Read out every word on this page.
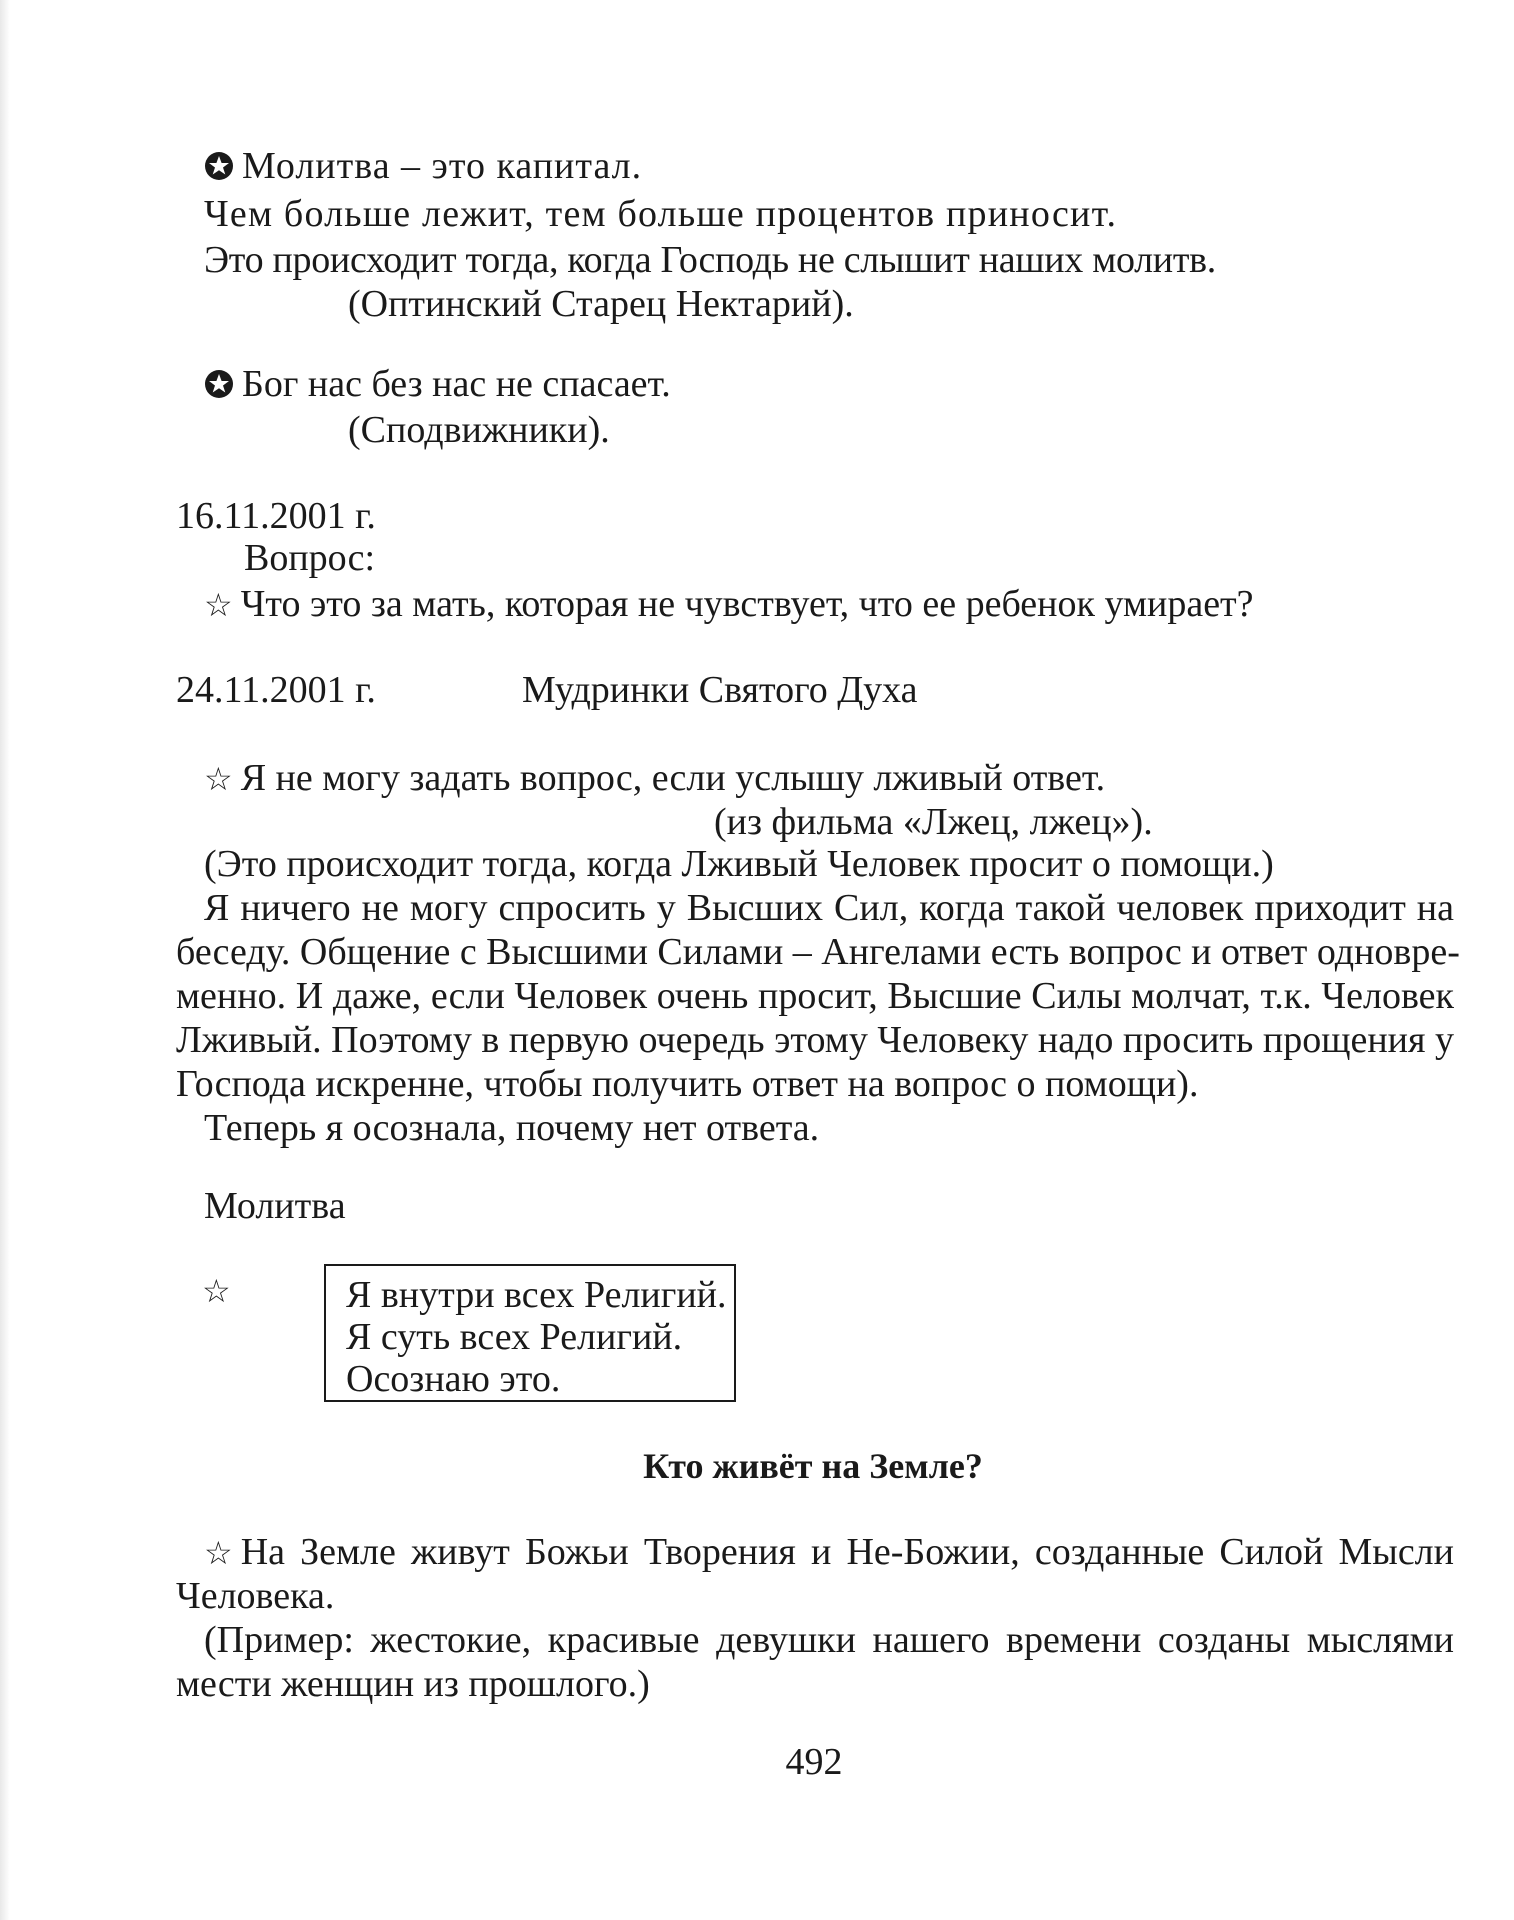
Молитва – это капитал.
Чем больше лежит, тем больше процентов приносит.
Это происходит тогда, когда Господь не слышит наших молитв.
(Оптинский Старец Нектарий).
Бог нас без нас не спасает.
(Сподвижники).
16.11.2001 г.
Вопрос:
☆ Что это за мать, которая не чувствует, что ее ребенок умирает?
24.11.2001 г.	Мудринки Святого Духа
☆ Я не могу задать вопрос, если услышу лживый ответ.
(из фильма «Лжец, лжец»).
(Это происходит тогда, когда Лживый Человек просит о помощи.)
Я ничего не могу спросить у Высших Сил, когда такой человек приходит на
беседу. Общение с Высшими Силами – Ангелами есть вопрос и ответ одновре-
менно. И даже, если Человек очень просит, Высшие Силы молчат, т.к. Человек
Лживый. Поэтому в первую очередь этому Человеку надо просить прощения у
Господа искренне, чтобы получить ответ на вопрос о помощи).
Теперь я осознала, почему нет ответа.
Молитва
☆	Я внутри всех Религий.
Я суть всех Религий.
Осознаю это.
Кто живёт на Земле?
☆ На Земле живут Божьи Творения и Не-Божии, созданные Силой Мысли
Человека.
(Пример: жестокие, красивые девушки нашего времени созданы мыслями
мести женщин из прошлого.)
492
